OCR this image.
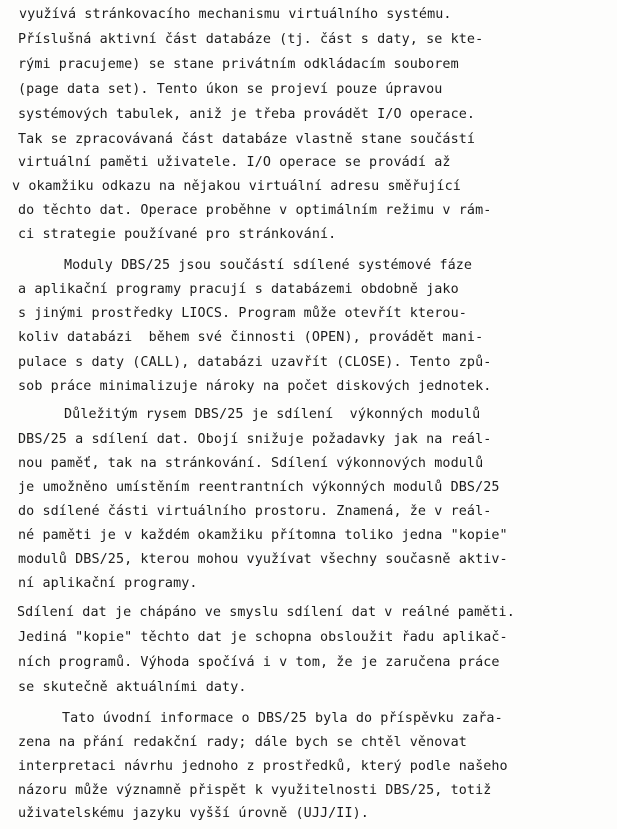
využívá stránkovacího mechanismu virtuálního systému.
Příslušná aktivní část databáze (tj. část s daty, se kte-
rými pracujeme) se stane privátním odkládacím souborem
(page data set). Tento úkon se projeví pouze úpravou
systémových tabulek, aniž je třeba provádět I/O operace.
Tak se zpracovávaná část databáze vlastně stane součástí
virtuální paměti uživatele. I/O operace se provádí až
v okamžiku odkazu na nějakou virtuální adresu směřující
do těchto dat. Operace proběhne v optimálním režimu v rám-
ci strategie používané pro stránkování.
Moduly DBS/25 jsou součástí sdílené systémové fáze
a aplikační programy pracují s databázemi obdobně jako
s jinými prostředky LIOCS. Program může otevřít kterou-
koliv databázi  během své činnosti (OPEN), provádět mani-
pulace s daty (CALL), databázi uzavřít (CLOSE). Tento způ-
sob práce minimalizuje nároky na počet diskových jednotek.
Důležitým rysem DBS/25 je sdílení  výkonných modulů
DBS/25 a sdílení dat. Obojí snižuje požadavky jak na reál-
nou paměť, tak na stránkování. Sdílení výkonnových modulů
je umožněno umístěním reentrantních výkonných modulů DBS/25
do sdílené části virtuálního prostoru. Znamená, že v reál-
né paměti je v každém okamžiku přítomna toliko jedna "kopie"
modulů DBS/25, kterou mohou využívat všechny současně aktiv-
ní aplikační programy.
Sdílení dat je chápáno ve smyslu sdílení dat v reálné paměti.
Jediná "kopie" těchto dat je schopna obsloužit řadu aplikač-
ních programů. Výhoda spočívá i v tom, že je zaručena práce
se skutečně aktuálními daty.
Tato úvodní informace o DBS/25 byla do příspěvku zařa-
zena na přání redakční rady; dále bych se chtěl věnovat
interpretaci návrhu jednoho z prostředků, který podle našeho
názoru může významně přispět k využitelnosti DBS/25, totiž
uživatelskému jazyku vyšší úrovně (UJJ/II).
